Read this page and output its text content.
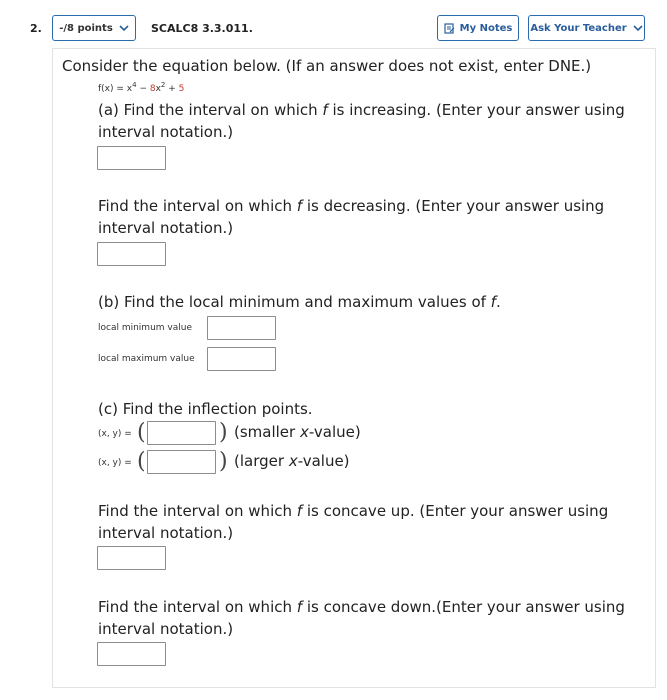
2. -/8 points	SCALC8 3.3.011.	My Notes Ask Your Teacher
Consider the equation below. (If an answer does not exist, enter DNE.)
$f(x) = x^4 - 8x^2 + 5$
(a) Find the interval on which f is increasing. (Enter your answer using
interval notation.)
Find the interval on which f is decreasing. (Enter your answer using
interval notation.)
(b) Find the local minimum and maximum values of f.
local minimum value
local maximum value
(c) Find the inflection points.
(x, y) = (	) (smaller x-value)
(x, y) = (	) (larger x-value)
Find the interval on which f is concave up. (Enter your answer using
interval notation.)
Find the interval on which f is concave down.(Enter your answer using
interval notation.)
